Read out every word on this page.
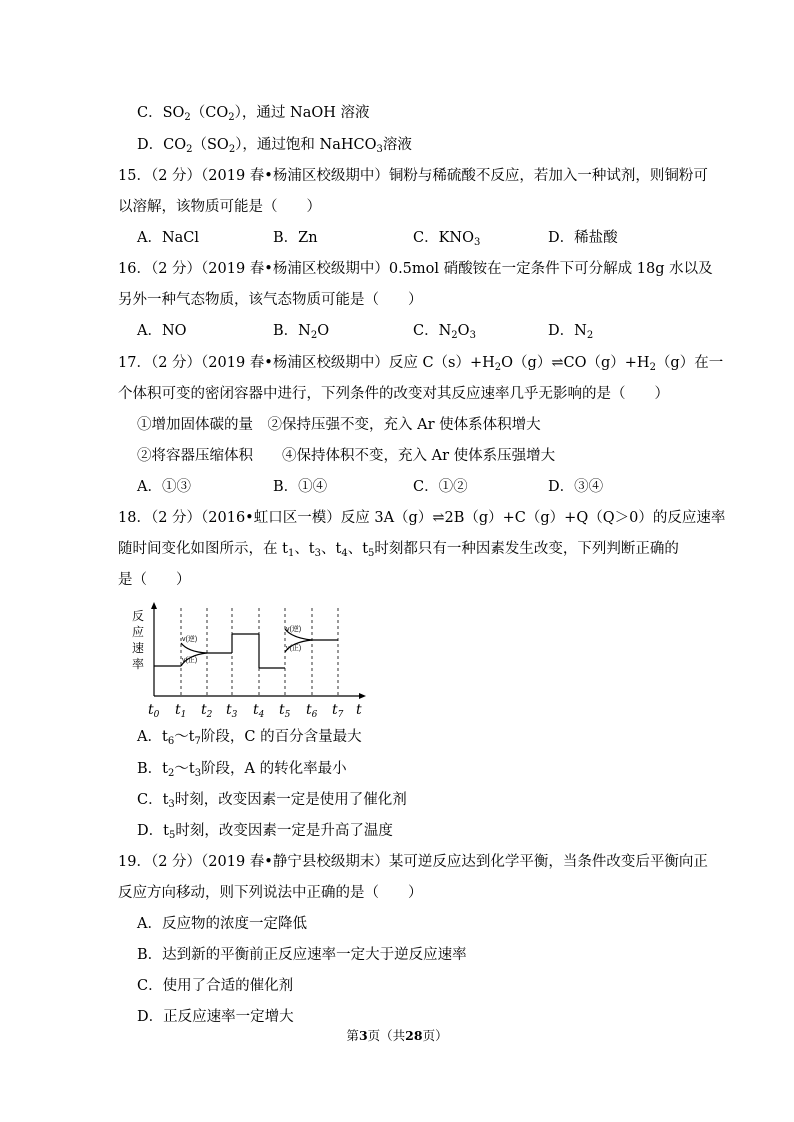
C．$SO_2(CO_2)$，通过 NaOH 溶液
D．$CO_2(SO_2)$，通过饱和 NaHCO$_3$溶液
15．（2 分）（2019 春•杨浦区校级期中）铜粉与稀硫酸不反应，若加入一种试剂，则铜粉可
以溶解，该物质可能是（　　）
A．NaCl	B．Zn	C．$KNO_3$	D．稀盐酸
16．（2 分）（2019 春•杨浦区校级期中）0.5mol 硝酸铵在一定条件下可分解成 18g 水以及
另外一种气态物质，该气态物质可能是（　　）
A．NO	B．$N_2O$	C．$N_2O_3$	D．$N_2$
17．（2 分）（2019 春•杨浦区校级期中）反应 $C(s)+H_2O(g)\rightleftharpoons CO(g)+H_2(g)$在一
个体积可变的密闭容器中进行，下列条件的改变对其反应速率几乎无影响的是（　　）
①增加固体碳的量　②保持压强不变，充入 Ar 使体系体积增大
②将容器压缩体积　　④保持体积不变，充入 Ar 使体系压强增大
A．①③	B．①④	C．①②	D．③④
18．（2 分）（2016•虹口区一模）反应 3A（g）⇌2B（g）+C（g）+Q（Q＞0）的反应速率
随时间变化如图所示，在 $t_1$、$t_3$、$t_4$、$t_5$时刻都只有一种因素发生改变，下列判断正确的
是（　　）
反
应
速
率
v(逆)
v(正)
v(逆)
v(正)
$t_0$ $t_1$ $t_2$ $t_3$ $t_4$ $t_5$ $t_6$ $t_7$ t
A．$t_6\sim t_7$阶段，C 的百分含量最大
B．$t_2\sim t_3$阶段，A 的转化率最小
C．$t_3$时刻，改变因素一定是使用了催化剂
D．$t_5$时刻，改变因素一定是升高了温度
19．（2 分）（2019 春•静宁县校级期末）某可逆反应达到化学平衡，当条件改变后平衡向正
反应方向移动，则下列说法中正确的是（　　）
A．反应物的浓度一定降低
B．达到新的平衡前正反应速率一定大于逆反应速率
C．使用了合适的催化剂
D．正反应速率一定增大
第3页（共28页）
